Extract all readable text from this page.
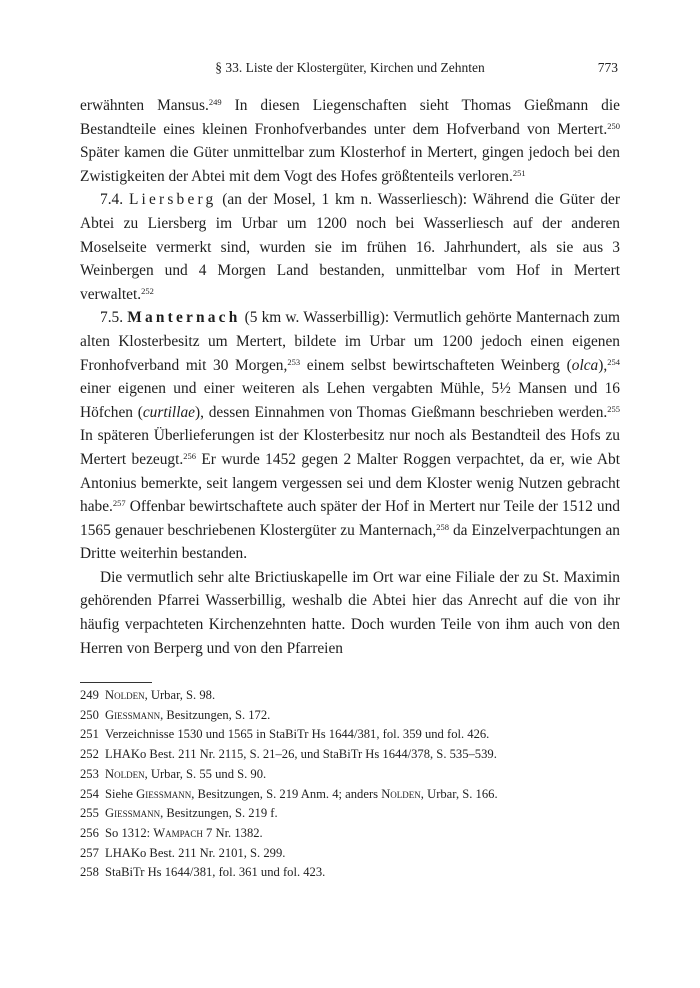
§ 33. Liste der Klostergüter, Kirchen und Zehnten	773

erwähnten Mansus.$^{249}$ In diesen Liegenschaften sieht Thomas Gießmann die Bestandteile eines kleinen Fronhofverbandes unter dem Hofverband von Mertert.$^{250}$ Später kamen die Güter unmittelbar zum Klosterhof in Mertert, gingen jedoch bei den Zwistigkeiten der Abtei mit dem Vogt des Hofes größtenteils verloren.$^{251}$

7.4. Liersberg (an der Mosel, 1 km n. Wasserliesch): Während die Güter der Abtei zu Liersberg im Urbar um 1200 noch bei Wasserliesch auf der anderen Moselseite vermerkt sind, wurden sie im frühen 16. Jahrhundert, als sie aus 3 Weinbergen und 4 Morgen Land bestanden, unmittelbar vom Hof in Mertert verwaltet.$^{252}$

7.5. Manternach (5 km w. Wasserbillig): Vermutlich gehörte Manternach zum alten Klosterbesitz um Mertert, bildete im Urbar um 1200 jedoch einen eigenen Fronhofverband mit 30 Morgen,$^{253}$ einem selbst bewirtschafteten Weinberg (olca),$^{254}$ einer eigenen und einer weiteren als Lehen vergabten Mühle, 5½ Mansen und 16 Höfchen (curtillae), dessen Einnahmen von Thomas Gießmann beschrieben werden.$^{255}$ In späteren Überlieferungen ist der Klosterbesitz nur noch als Bestandteil des Hofs zu Mertert bezeugt.$^{256}$ Er wurde 1452 gegen 2 Malter Roggen verpachtet, da er, wie Abt Antonius bemerkte, seit langem vergessen sei und dem Kloster wenig Nutzen gebracht habe.$^{257}$ Offenbar bewirtschaftete auch später der Hof in Mertert nur Teile der 1512 und 1565 genauer beschriebenen Klostergüter zu Manternach,$^{258}$ da Einzelverpachtungen an Dritte weiterhin bestanden.

Die vermutlich sehr alte Brictiuskapelle im Ort war eine Filiale der zu St. Maximin gehörenden Pfarrei Wasserbillig, weshalb die Abtei hier das Anrecht auf die von ihr häufig verpachteten Kirchenzehnten hatte. Doch wurden Teile von ihm auch von den Herren von Berperg und von den Pfarreien

249 Nolden, Urbar, S. 98.
250 Giessmann, Besitzungen, S. 172.
251 Verzeichnisse 1530 und 1565 in StaBiTr Hs 1644/381, fol. 359 und fol. 426.
252 LHAKo Best. 211 Nr. 2115, S. 21–26, und StaBiTr Hs 1644/378, S. 535–539.
253 Nolden, Urbar, S. 55 und S. 90.
254 Siehe Giessmann, Besitzungen, S. 219 Anm. 4; anders Nolden, Urbar, S. 166.
255 Giessmann, Besitzungen, S. 219 f.
256 So 1312: Wampach 7 Nr. 1382.
257 LHAKo Best. 211 Nr. 2101, S. 299.
258 StaBiTr Hs 1644/381, fol. 361 und fol. 423.
